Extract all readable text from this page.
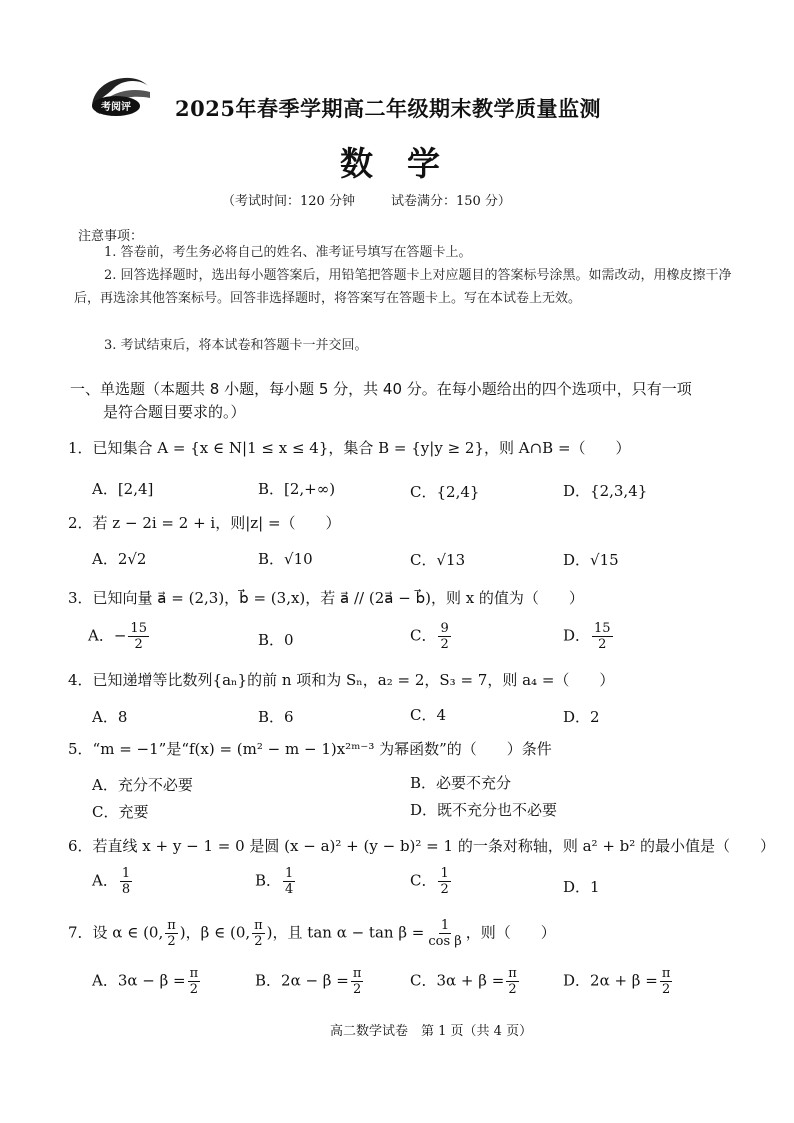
考阅评 2025年春季学期高二年级期末教学质量监测
数学
（考试时间：120 分钟	试卷满分：150 分）
注意事项：
1. 答卷前，考生务必将自己的姓名、准考证号填写在答题卡上。
2. 回答选择题时，选出每小题答案后，用铅笔把答题卡上对应题目的答案标号涂黑。如需改动，用橡皮擦干净后，再选涂其他答案标号。回答非选择题时，将答案写在答题卡上。写在本试卷上无效。
3. 考试结束后，将本试卷和答题卡一并交回。
一、单选题（本题共 8 小题，每小题 5 分，共 40 分。在每小题给出的四个选项中，只有一项
是符合题目要求的。）
1．已知集合 A = {x ∈ N|1 ≤ x ≤ 4}，集合 B = {y|y ≥ 2}，则 A∩B =（　　）
A．[2,4]	B．[2,+∞)	C．{2,4}	D．{2,3,4}
2．若 z − 2i = 2 + i，则|z| =（　　）
A．2√2	B．√10	C．√13	D．√15
3．已知向量 a⃗ = (2,3)，b⃗ = (3,x)，若 a⃗ // (2a⃗ − b⃗)，则 x 的值为（　　）
A．− $\frac{15}{2}$	B．0	C． $\frac{9}{2}$	D． $\frac{15}{2}$
4．已知递增等比数列{aₙ}的前 n 项和为 Sₙ，a₂ = 2，S₃ = 7，则 a₄ =（　　）
A．8	B．6	C．4	D．2
5．“m = −1”是“f(x) = (m² − m − 1)x²ᵐ⁻³ 为幂函数”的（　　）条件
A．充分不必要	B．必要不充分
C．充要	D．既不充分也不必要
6．若直线 x + y − 1 = 0 是圆 (x − a)² + (y − b)² = 1 的一条对称轴，则 a² + b² 的最小值是（　　）
A． $\frac{1}{8}$	B． $\frac{1}{4}$	C． $\frac{1}{2}$	D．1
7．设 α ∈ (0, $\frac{\pi}{2}$ )，β ∈ (0, $\frac{\pi}{2}$ )，且 $\tan \alpha - \tan \beta = \frac{1}{\text{cos β}}$ ，则（　　）
A．$3\alpha - \beta = \frac{\pi}{2}$	B．$2\alpha - \beta = \frac{\pi}{2}$	C．$3\alpha + \beta = \frac{\pi}{2}$	D．$2\alpha + \beta = \frac{\pi}{2}$
高二数学试卷　第 1 页（共 4 页）
